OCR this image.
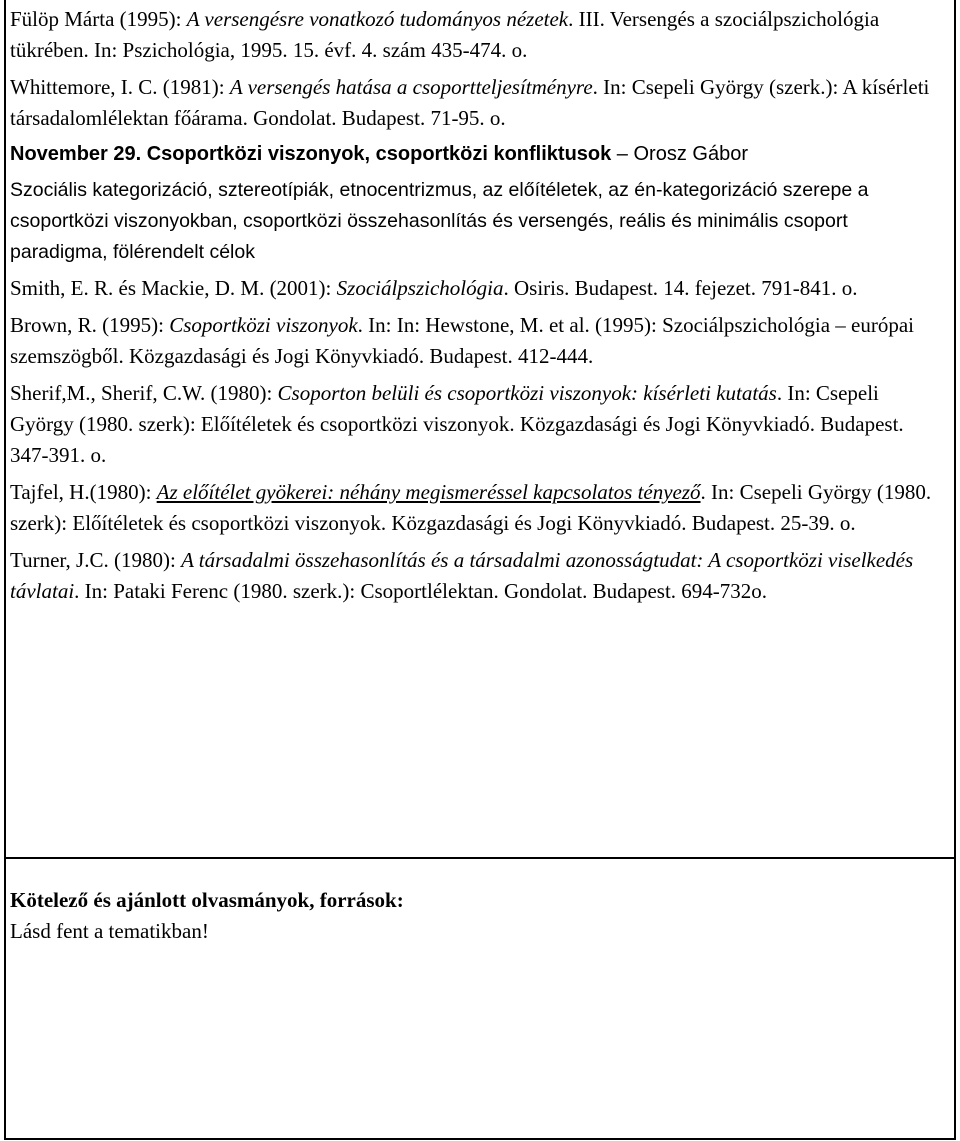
Fülöp Márta (1995): A versengésre vonatkozó tudományos nézetek. III. Versengés a szociálpszichológia tükrében. In: Pszichológia, 1995. 15. évf. 4. szám 435-474. o.

Whittemore, I. C. (1981): A versengés hatása a csoportteljesítményre. In: Csepeli György (szerk.): A kísérleti társadalomlélektan főárama. Gondolat. Budapest. 71-95. o.

November 29. Csoportközi viszonyok, csoportközi konfliktusok – Orosz Gábor

Szociális kategorizáció, sztereotípiák, etnocentrizmus, az előítéletek, az én-kategorizáció szerepe a csoportközi viszonyokban, csoportközi összehasonlítás és versengés, reális és minimális csoport paradigma, fölérendelt célok

Smith, E. R. és Mackie, D. M. (2001): Szociálpszichológia. Osiris. Budapest. 14. fejezet. 791-841. o.

Brown, R. (1995): Csoportközi viszonyok. In: In: Hewstone, M. et al. (1995): Szociálpszichológia – európai szemszögből. Közgazdasági és Jogi Könyvkiadó. Budapest. 412-444.

Sherif,M., Sherif, C.W. (1980): Csoporton belüli és csoportközi viszonyok: kísérleti kutatás. In: Csepeli György (1980. szerk): Előítéletek és csoportközi viszonyok. Közgazdasági és Jogi Könyvkiadó. Budapest. 347-391. o.

Tajfel, H.(1980): Az előítélet gyökerei: néhány megismeréssel kapcsolatos tényező. In: Csepeli György (1980. szerk): Előítéletek és csoportközi viszonyok. Közgazdasági és Jogi Könyvkiadó. Budapest. 25-39. o.

Turner, J.C. (1980): A társadalmi összehasonlítás és a társadalmi azonosságtudat: A csoportközi viselkedés távlatai. In: Pataki Ferenc (1980. szerk.): Csoportlélektan. Gondolat. Budapest. 694-732o.

Kötelező és ajánlott olvasmányok, források:

Lásd fent a tematikban!
